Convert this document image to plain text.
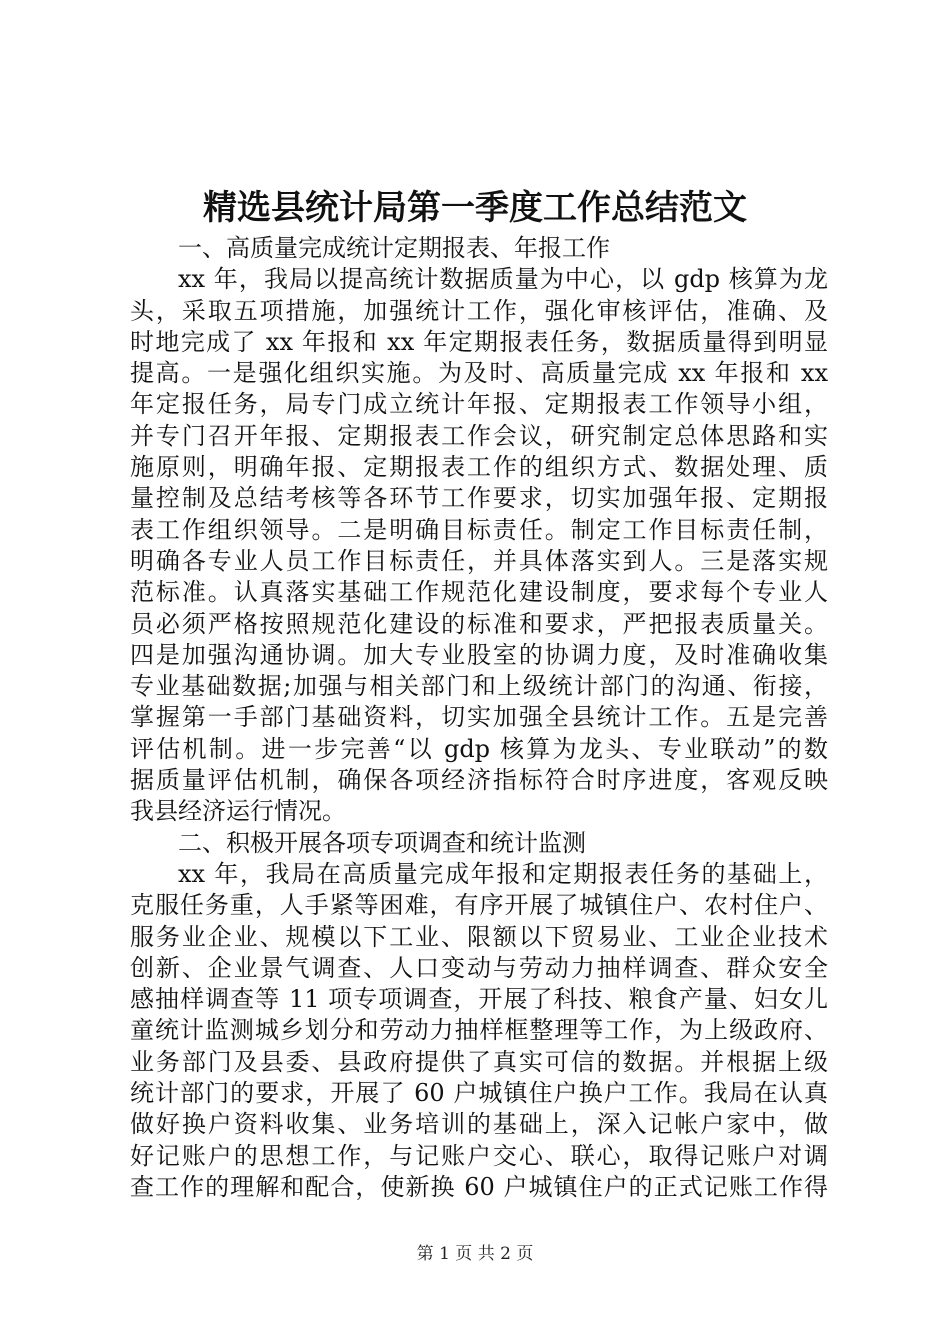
精选县统计局第一季度工作总结范文
一、高质量完成统计定期报表、年报工作
xx 年，我局以提高统计数据质量为中心，以 gdp 核算为龙
头，采取五项措施，加强统计工作，强化审核评估，准确、及
时地完成了 xx 年报和 xx 年定期报表任务，数据质量得到明显
提高。一是强化组织实施。为及时、高质量完成 xx 年报和 xx
年定报任务，局专门成立统计年报、定期报表工作领导小组，
并专门召开年报、定期报表工作会议，研究制定总体思路和实
施原则，明确年报、定期报表工作的组织方式、数据处理、质
量控制及总结考核等各环节工作要求，切实加强年报、定期报
表工作组织领导。二是明确目标责任。制定工作目标责任制，
明确各专业人员工作目标责任，并具体落实到人。三是落实规
范标准。认真落实基础工作规范化建设制度，要求每个专业人
员必须严格按照规范化建设的标准和要求，严把报表质量关。
四是加强沟通协调。加大专业股室的协调力度，及时准确收集
专业基础数据;加强与相关部门和上级统计部门的沟通、衔接，
掌握第一手部门基础资料，切实加强全县统计工作。五是完善
评估机制。进一步完善“以 gdp 核算为龙头、专业联动”的数
据质量评估机制，确保各项经济指标符合时序进度，客观反映
我县经济运行情况。
二、积极开展各项专项调查和统计监测
xx 年，我局在高质量完成年报和定期报表任务的基础上，
克服任务重，人手紧等困难，有序开展了城镇住户、农村住户、
服务业企业、规模以下工业、限额以下贸易业、工业企业技术
创新、企业景气调查、人口变动与劳动力抽样调查、群众安全
感抽样调查等 11 项专项调查，开展了科技、粮食产量、妇女儿
童统计监测城乡划分和劳动力抽样框整理等工作，为上级政府、
业务部门及县委、县政府提供了真实可信的数据。并根据上级
统计部门的要求，开展了 60 户城镇住户换户工作。我局在认真
做好换户资料收集、业务培训的基础上，深入记帐户家中，做
好记账户的思想工作，与记账户交心、联心，取得记账户对调
查工作的理解和配合，使新换 60 户城镇住户的正式记账工作得
第 1 页 共 2 页
